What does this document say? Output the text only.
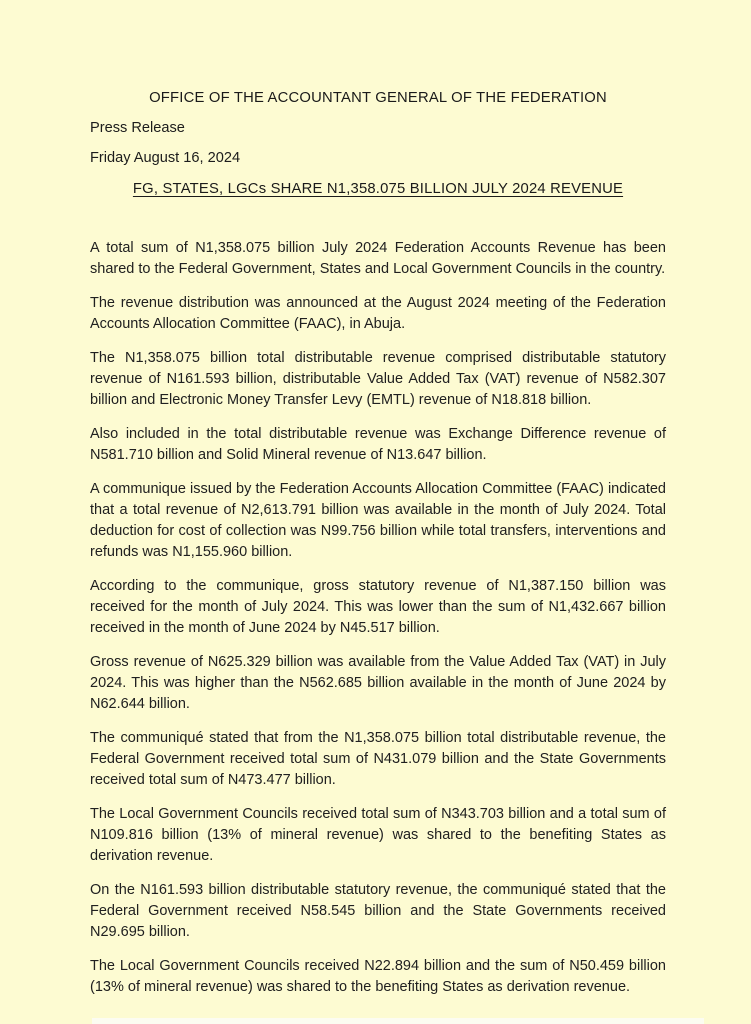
OFFICE OF THE ACCOUNTANT GENERAL OF THE FEDERATION

Press Release

Friday August 16, 2024

FG, STATES, LGCs SHARE N1,358.075 BILLION JULY 2024 REVENUE

A total sum of N1,358.075 billion July 2024 Federation Accounts Revenue has been shared to the Federal Government, States and Local Government Councils in the country.

The revenue distribution was announced at the August 2024 meeting of the Federation Accounts Allocation Committee (FAAC), in Abuja.

The N1,358.075 billion total distributable revenue comprised distributable statutory revenue of N161.593 billion, distributable Value Added Tax (VAT) revenue of N582.307 billion and Electronic Money Transfer Levy (EMTL) revenue of N18.818 billion.

Also included in the total distributable revenue was Exchange Difference revenue of N581.710 billion and Solid Mineral revenue of N13.647 billion.

A communique issued by the Federation Accounts Allocation Committee (FAAC) indicated that a total revenue of N2,613.791 billion was available in the month of July 2024. Total deduction for cost of collection was N99.756 billion while total transfers, interventions and refunds was N1,155.960 billion.

According to the communique, gross statutory revenue of N1,387.150 billion was received for the month of July 2024. This was lower than the sum of N1,432.667 billion received in the month of June 2024 by N45.517 billion.

Gross revenue of N625.329 billion was available from the Value Added Tax (VAT) in July 2024. This was higher than the N562.685 billion available in the month of June 2024 by N62.644 billion.

The communiqué stated that from the N1,358.075 billion total distributable revenue, the Federal Government received total sum of N431.079 billion and the State Governments received total sum of N473.477 billion.

The Local Government Councils received total sum of N343.703 billion and a total sum of N109.816 billion (13% of mineral revenue) was shared to the benefiting States as derivation revenue.

On the N161.593 billion distributable statutory revenue, the communiqué stated that the Federal Government received N58.545 billion and the State Governments received N29.695 billion.

The Local Government Councils received N22.894 billion and the sum of N50.459 billion (13% of mineral revenue) was shared to the benefiting States as derivation revenue.
